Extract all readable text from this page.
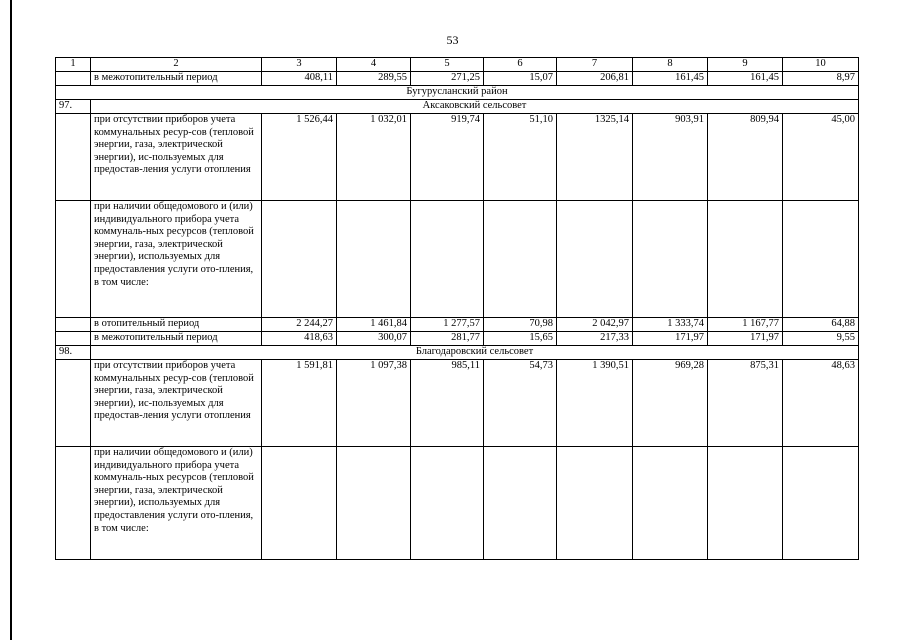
53
1	2	3	4	5	6	7	8	9	10
	в межотопительный период	408,11	289,55	271,25	15,07	206,81	161,45	161,45	8,97
Бугурусланский район									
97.	Аксаковский сельсовет								
	при отсутствии приборов учета коммунальных ресур-сов (тепловой энергии, газа, электрической энергии), ис-пользуемых для предостав-ления услуги отопления	1 526,44	1 032,01	919,74	51,10	1325,14	903,91	809,94	45,00
	при наличии общедомового и (или) индивидуального прибора учета коммуналь-ных ресурсов (тепловой энергии, газа, электрической энергии), используемых для предоставления услуги ото-пления, в том числе:								
	в отопительный период	2 244,27	1 461,84	1 277,57	70,98	2 042,97	1 333,74	1 167,77	64,88
	в межотопительный период	418,63	300,07	281,77	15,65	217,33	171,97	171,97	9,55
98.	Благодаровский сельсовет								
	при отсутствии приборов учета коммунальных ресур-сов (тепловой энергии, газа, электрической энергии), ис-пользуемых для предостав-ления услуги отопления	1 591,81	1 097,38	985,11	54,73	1 390,51	969,28	875,31	48,63
	при наличии общедомового и (или) индивидуального прибора учета коммуналь-ных ресурсов (тепловой энергии, газа, электрической энергии), используемых для предоставления услуги ото-пления, в том числе:								
